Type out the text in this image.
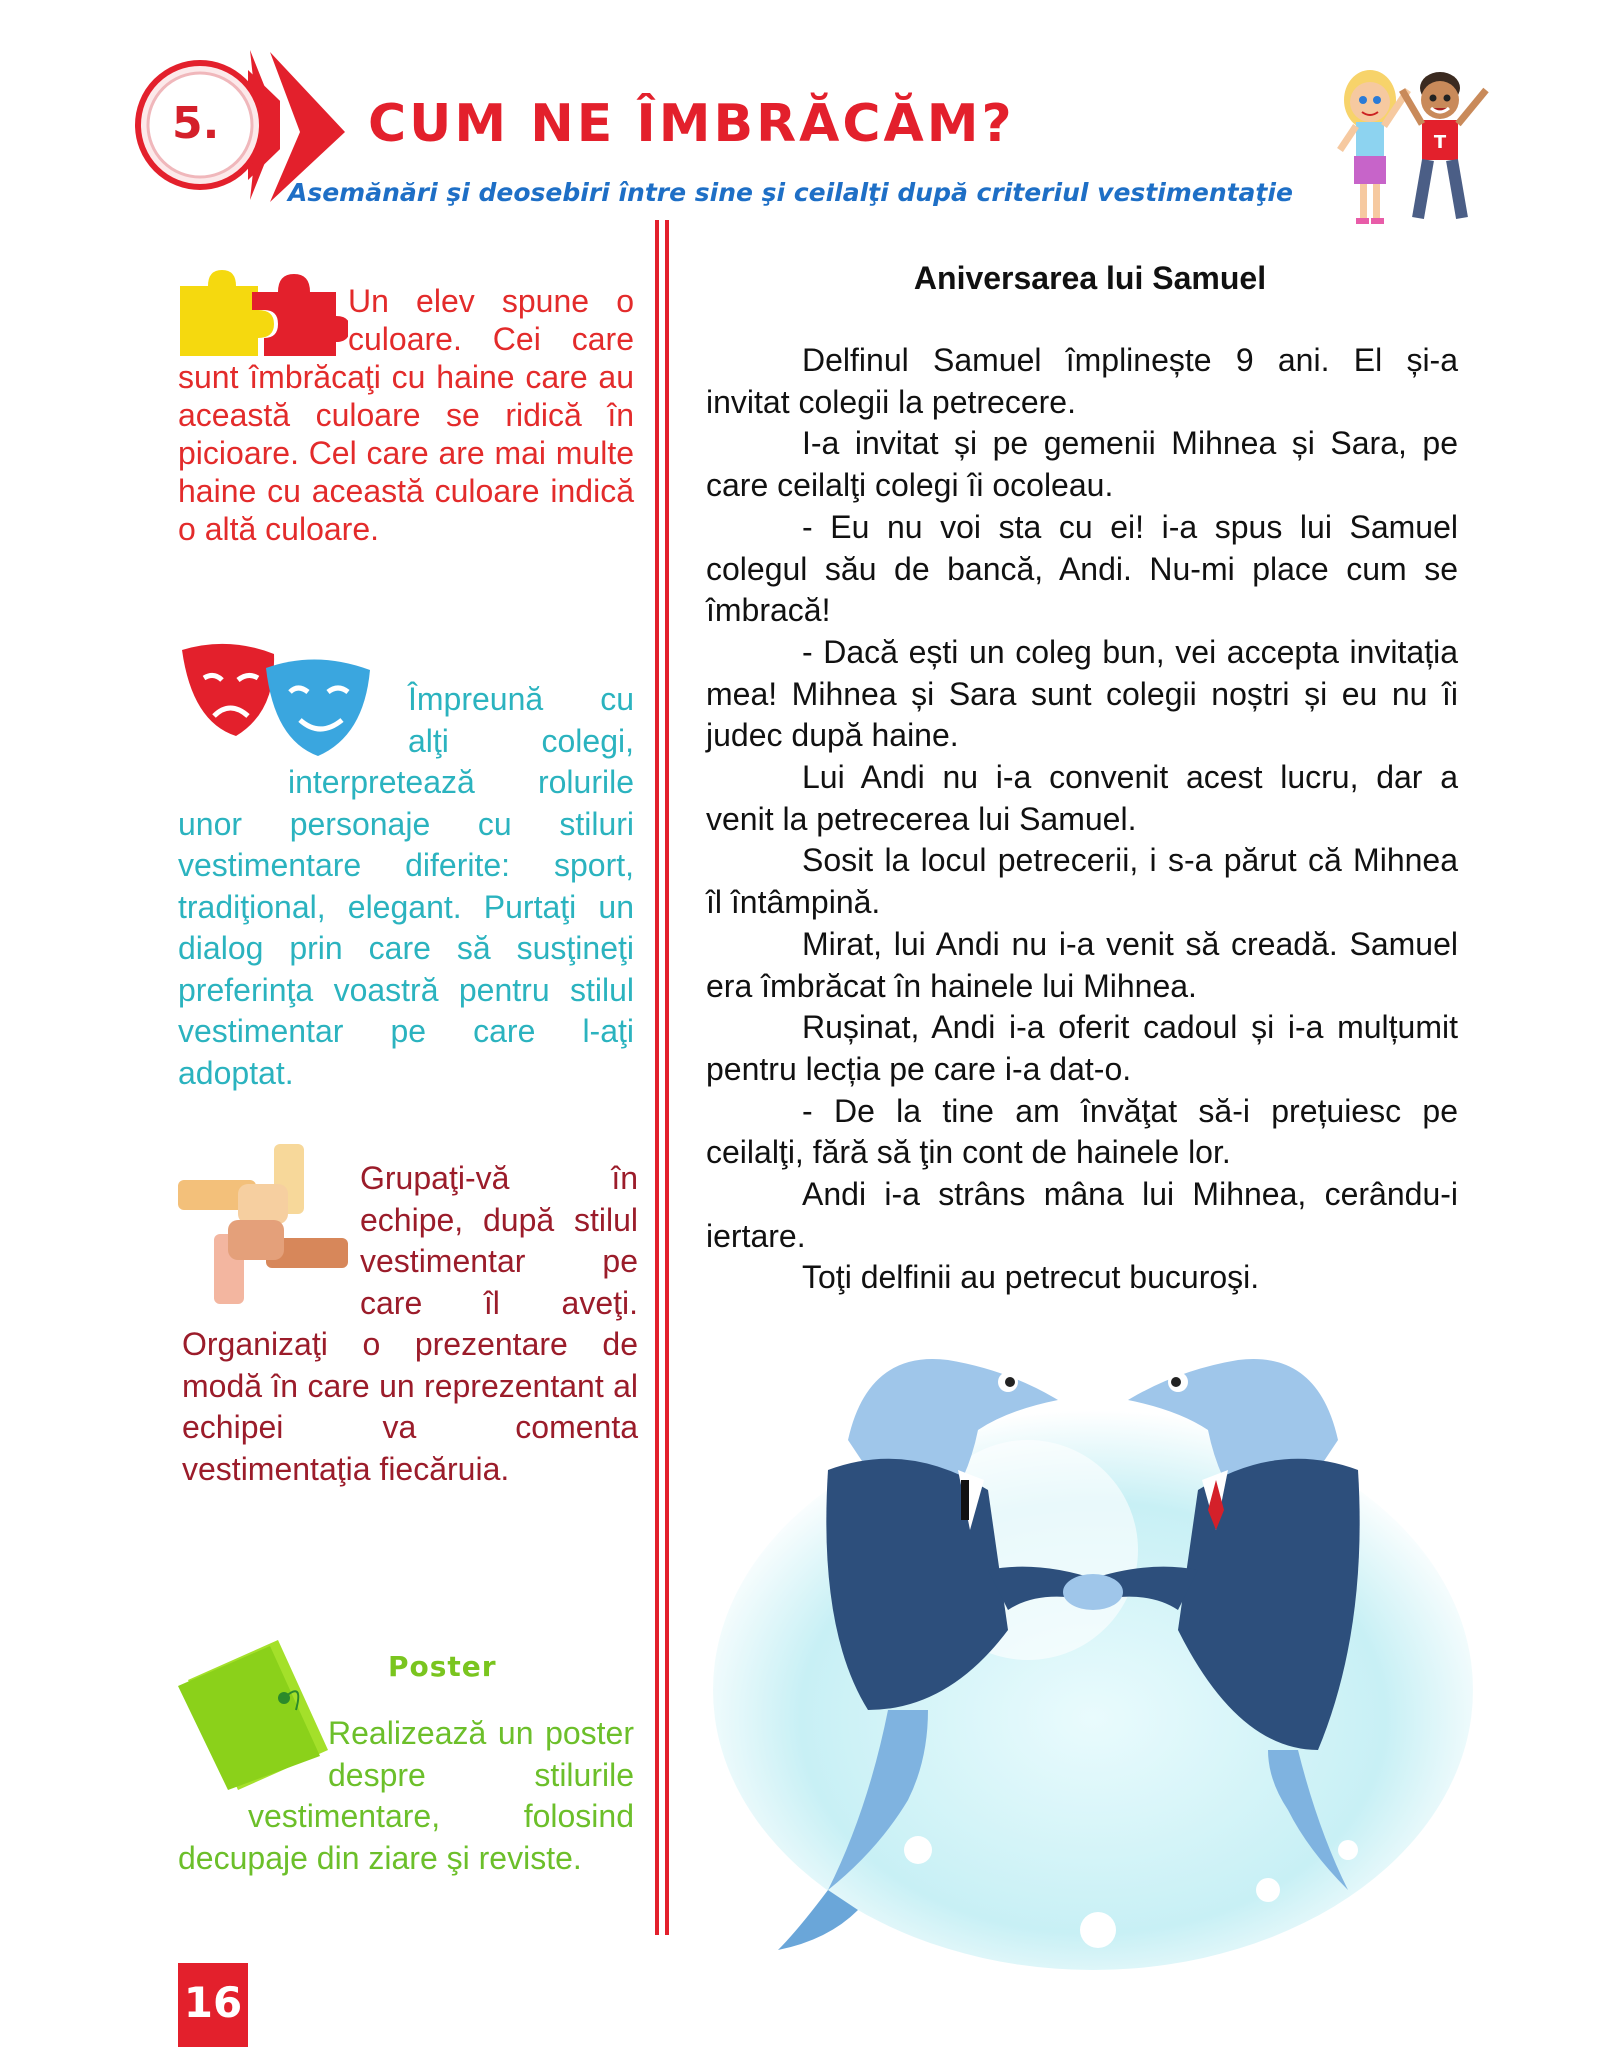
5.	CUM NE ÎMBRĂCĂM?
Asemănări şi deosebiri între sine şi ceilalţi după criteriul vestimentaţie
T
Un elev spune o culoare. Cei care sunt îmbrăcaţi cu haine care au această culoare se ridică în picioare. Cel care are mai multe haine cu această culoare indică o altă culoare.
Împreună cu alţi colegi, interpretează rolurile unor personaje cu stiluri vestimentare diferite: sport, tradiţional, elegant. Purtaţi un dialog prin care să susţineţi preferinţa voastră pentru stilul vestimentar pe care l-aţi adoptat.
Grupaţi-vă în echipe, după stilul vestimentar pe care îl aveţi. Organizaţi o prezentare de modă în care un reprezentant al echipei va comenta vestimentaţia fiecăruia.
Poster
Realizează un poster despre stilurile vestimentare, folosind decupaje din ziare şi reviste.
Aniversarea lui Samuel

Delfinul Samuel împlinește 9 ani. El și-a invitat colegii la petrecere.

I-a invitat și pe gemenii Mihnea și Sara, pe care ceilalţi colegi îi ocoleau.

- Eu nu voi sta cu ei! i-a spus lui Samuel colegul său de bancă, Andi. Nu-mi place cum se îmbracă!

- Dacă ești un coleg bun, vei accepta invitația mea! Mihnea și Sara sunt colegii noștri și eu nu îi judec după haine.

Lui Andi nu i-a convenit acest lucru, dar a venit la petrecerea lui Samuel.

Sosit la locul petrecerii, i s-a părut că Mihnea îl întâmpină.

Mirat, lui Andi nu i-a venit să creadă. Samuel era îmbrăcat în hainele lui Mihnea.

Rușinat, Andi i-a oferit cadoul și i-a mulțumit pentru lecția pe care i-a dat-o.

- De la tine am învăţat să-i prețuiesc pe ceilalţi, fără să ţin cont de hainele lor.

Andi i-a strâns mâna lui Mihnea, cerându-i iertare.

Toţi delfinii au petrecut bucuroşi.

16
